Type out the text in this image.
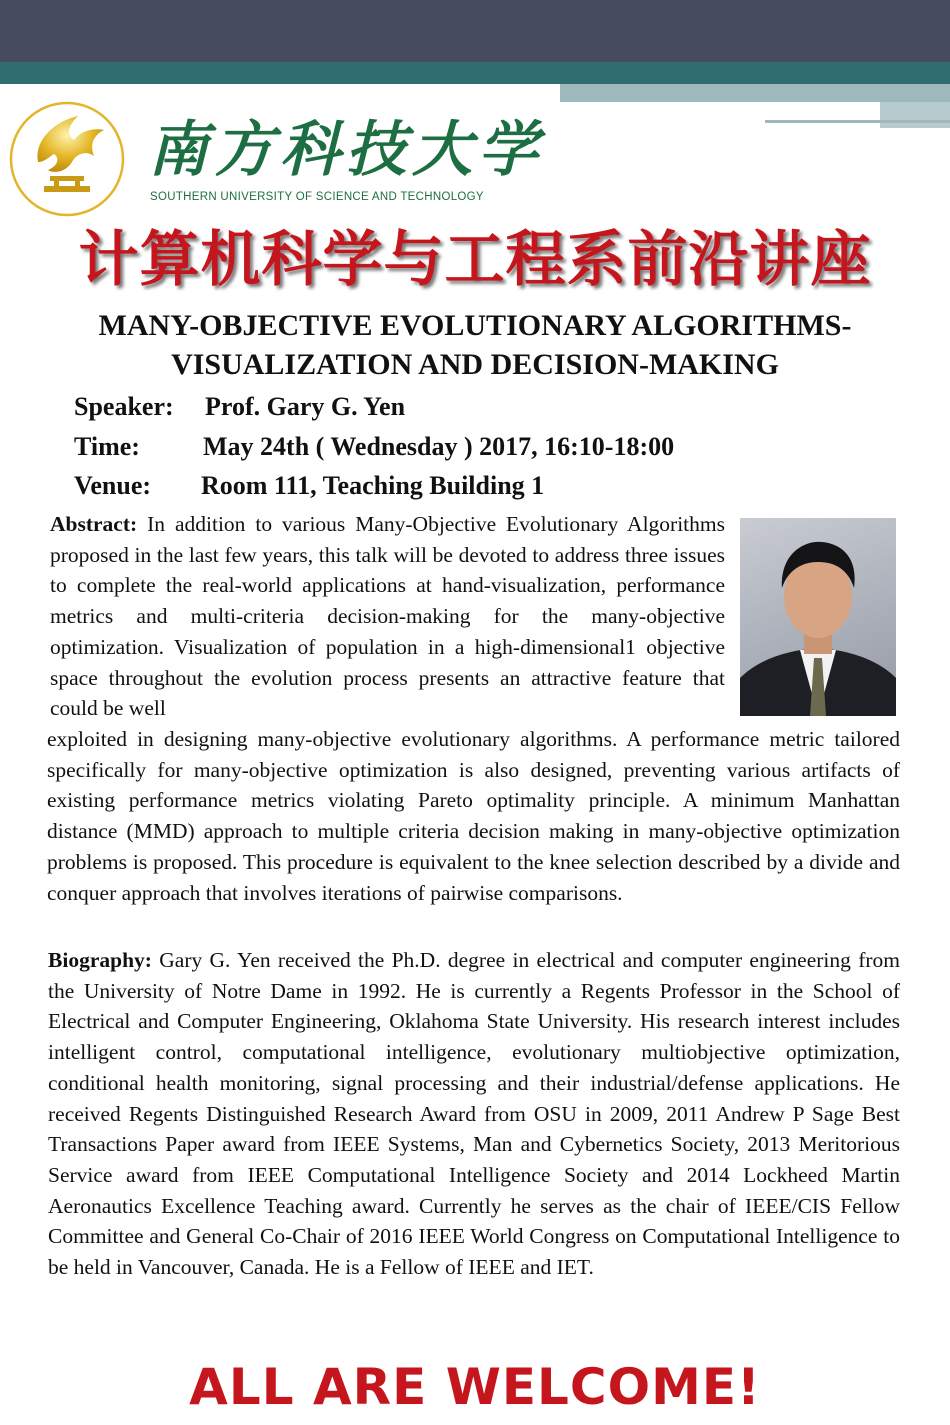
南方科技大学
SOUTHERN UNIVERSITY OF SCIENCE AND TECHNOLOGY
计算机科学与工程系前沿讲座
MANY-OBJECTIVE EVOLUTIONARY ALGORITHMS-VISUALIZATION AND DECISION-MAKING
Speaker: Prof. Gary G. Yen
Time: May 24th ( Wednesday ) 2017, 16:10-18:00
Venue: Room 111, Teaching Building 1
Abstract: In addition to various Many-Objective Evolutionary Algorithms proposed in the last few years, this talk will be devoted to address three issues to complete the real-world applications at hand-visualization, performance metrics and multi-criteria decision-making for the many-objective optimization. Visualization of population in a high-dimensional1 objective space throughout the evolution process presents an attractive feature that could be well
exploited in designing many-objective evolutionary algorithms. A performance metric tailored specifically for many-objective optimization is also designed, preventing various artifacts of existing performance metrics violating Pareto optimality principle. A minimum Manhattan distance (MMD) approach to multiple criteria decision making in many-objective optimization problems is proposed. This procedure is equivalent to the knee selection described by a divide and conquer approach that involves iterations of pairwise comparisons.
Biography: Gary G. Yen received the Ph.D. degree in electrical and computer engineering from the University of Notre Dame in 1992. He is currently a Regents Professor in the School of Electrical and Computer Engineering, Oklahoma State University. His research interest includes intelligent control, computational intelligence, evolutionary multiobjective optimization, conditional health monitoring, signal processing and their industrial/defense applications. He received Regents Distinguished Research Award from OSU in 2009, 2011 Andrew P Sage Best Transactions Paper award from IEEE Systems, Man and Cybernetics Society, 2013 Meritorious Service award from IEEE Computational Intelligence Society and 2014 Lockheed Martin Aeronautics Excellence Teaching award. Currently he serves as the chair of IEEE/CIS Fellow Committee and General Co-Chair of 2016 IEEE World Congress on Computational Intelligence to be held in Vancouver, Canada. He is a Fellow of IEEE and IET.
ALL ARE WELCOME!
